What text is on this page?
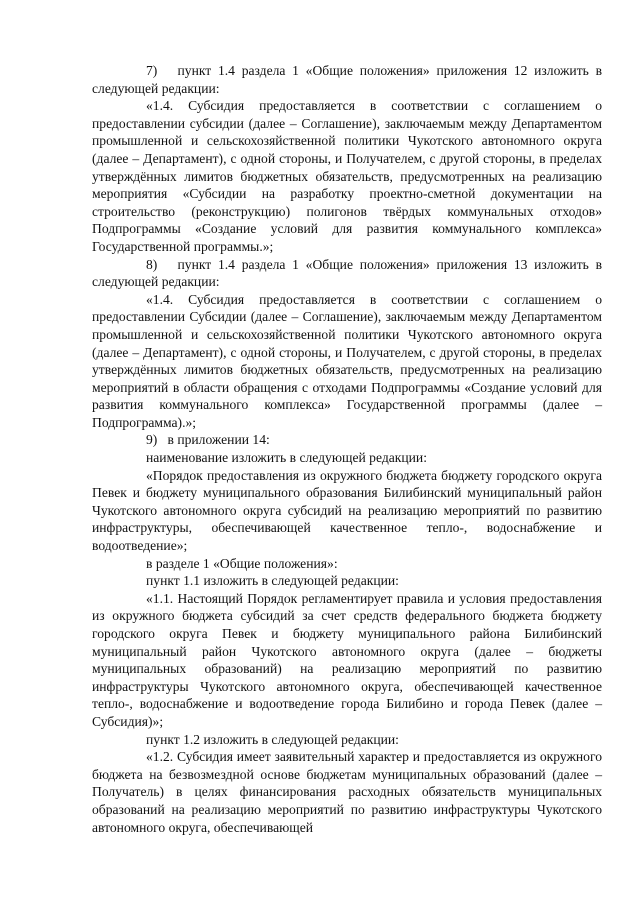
7)   пункт 1.4 раздела 1 «Общие положения» приложения 12 изложить в следующей редакции:

«1.4. Субсидия предоставляется в соответствии с соглашением о предоставлении субсидии (далее – Соглашение), заключаемым между Департаментом промышленной и сельскохозяйственной политики Чукотского автономного округа (далее – Департамент), с одной стороны, и Получателем, с другой стороны, в пределах утверждённых лимитов бюджетных обязательств, предусмотренных на реализацию мероприятия «Субсидии на разработку проектно-сметной документации на строительство (реконструкцию) полигонов твёрдых коммунальных отходов» Подпрограммы «Создание условий для развития коммунального комплекса» Государственной программы.»;

8)   пункт 1.4 раздела 1 «Общие положения» приложения 13 изложить в следующей редакции:

«1.4. Субсидия предоставляется в соответствии с соглашением о предоставлении Субсидии (далее – Соглашение), заключаемым между Департаментом промышленной и сельскохозяйственной политики Чукотского автономного округа (далее – Департамент), с одной стороны, и Получателем, с другой стороны, в пределах утверждённых лимитов бюджетных обязательств, предусмотренных на реализацию мероприятий в области обращения с отходами Подпрограммы «Создание условий для развития коммунального комплекса» Государственной программы (далее – Подпрограмма).»;

9)   в приложении 14:

наименование изложить в следующей редакции:

«Порядок предоставления из окружного бюджета бюджету городского округа Певек и бюджету муниципального образования Билибинский муниципальный район Чукотского автономного округа субсидий на реализацию мероприятий по развитию инфраструктуры, обеспечивающей качественное тепло-, водоснабжение и водоотведение»;

в разделе 1 «Общие положения»:

пункт 1.1 изложить в следующей редакции:

«1.1. Настоящий Порядок регламентирует правила и условия предоставления из окружного бюджета субсидий за счет средств федерального бюджета бюджету городского округа Певек и бюджету муниципального района Билибинский муниципальный район Чукотского автономного округа (далее – бюджеты муниципальных образований) на реализацию мероприятий по развитию инфраструктуры Чукотского автономного округа, обеспечивающей качественное тепло-, водоснабжение и водоотведение города Билибино и города Певек (далее – Субсидия)»;

пункт 1.2 изложить в следующей редакции:

«1.2. Субсидия имеет заявительный характер и предоставляется из окружного бюджета на безвозмездной основе бюджетам муниципальных образований (далее – Получатель) в целях финансирования расходных обязательств муниципальных образований на реализацию мероприятий по развитию инфраструктуры Чукотского автономного округа, обеспечивающей
